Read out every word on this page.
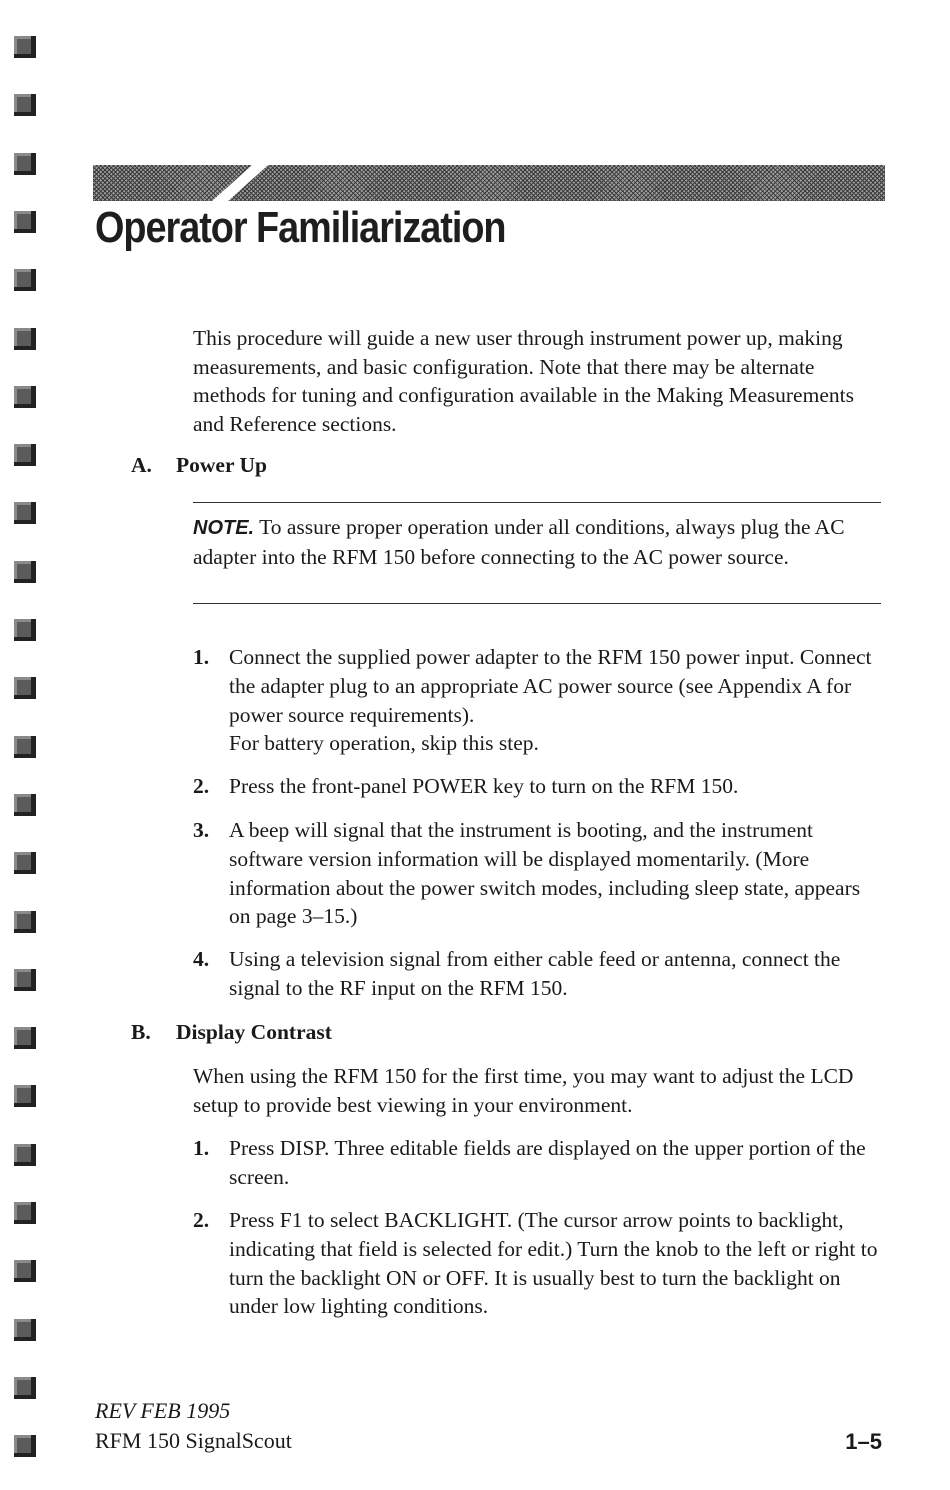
Operator Familiarization

This procedure will guide a new user through instrument power up, making measurements, and basic configuration. Note that there may be alternate methods for tuning and configuration available in the Making Measurements and Reference sections.

A. Power Up

NOTE. To assure proper operation under all conditions, always plug the AC adapter into the RFM 150 before connecting to the AC power source.

1. Connect the supplied power adapter to the RFM 150 power input. Connect the adapter plug to an appropriate AC power source (see Appendix A for power source requirements).
For battery operation, skip this step.
2. Press the front-panel POWER key to turn on the RFM 150.
3. A beep will signal that the instrument is booting, and the instrument software version information will be displayed momentarily. (More information about the power switch modes, including sleep state, appears on page 3–15.)
4. Using a television signal from either cable feed or antenna, connect the signal to the RF input on the RFM 150.
B. Display Contrast

When using the RFM 150 for the first time, you may want to adjust the LCD setup to provide best viewing in your environment.

1. Press DISP. Three editable fields are displayed on the upper portion of the screen.
2. Press F1 to select BACKLIGHT. (The cursor arrow points to backlight, indicating that field is selected for edit.) Turn the knob to the left or right to turn the backlight ON or OFF. It is usually best to turn the backlight on under low lighting conditions.
REV FEB 1995
RFM 150 SignalScout	1–5
